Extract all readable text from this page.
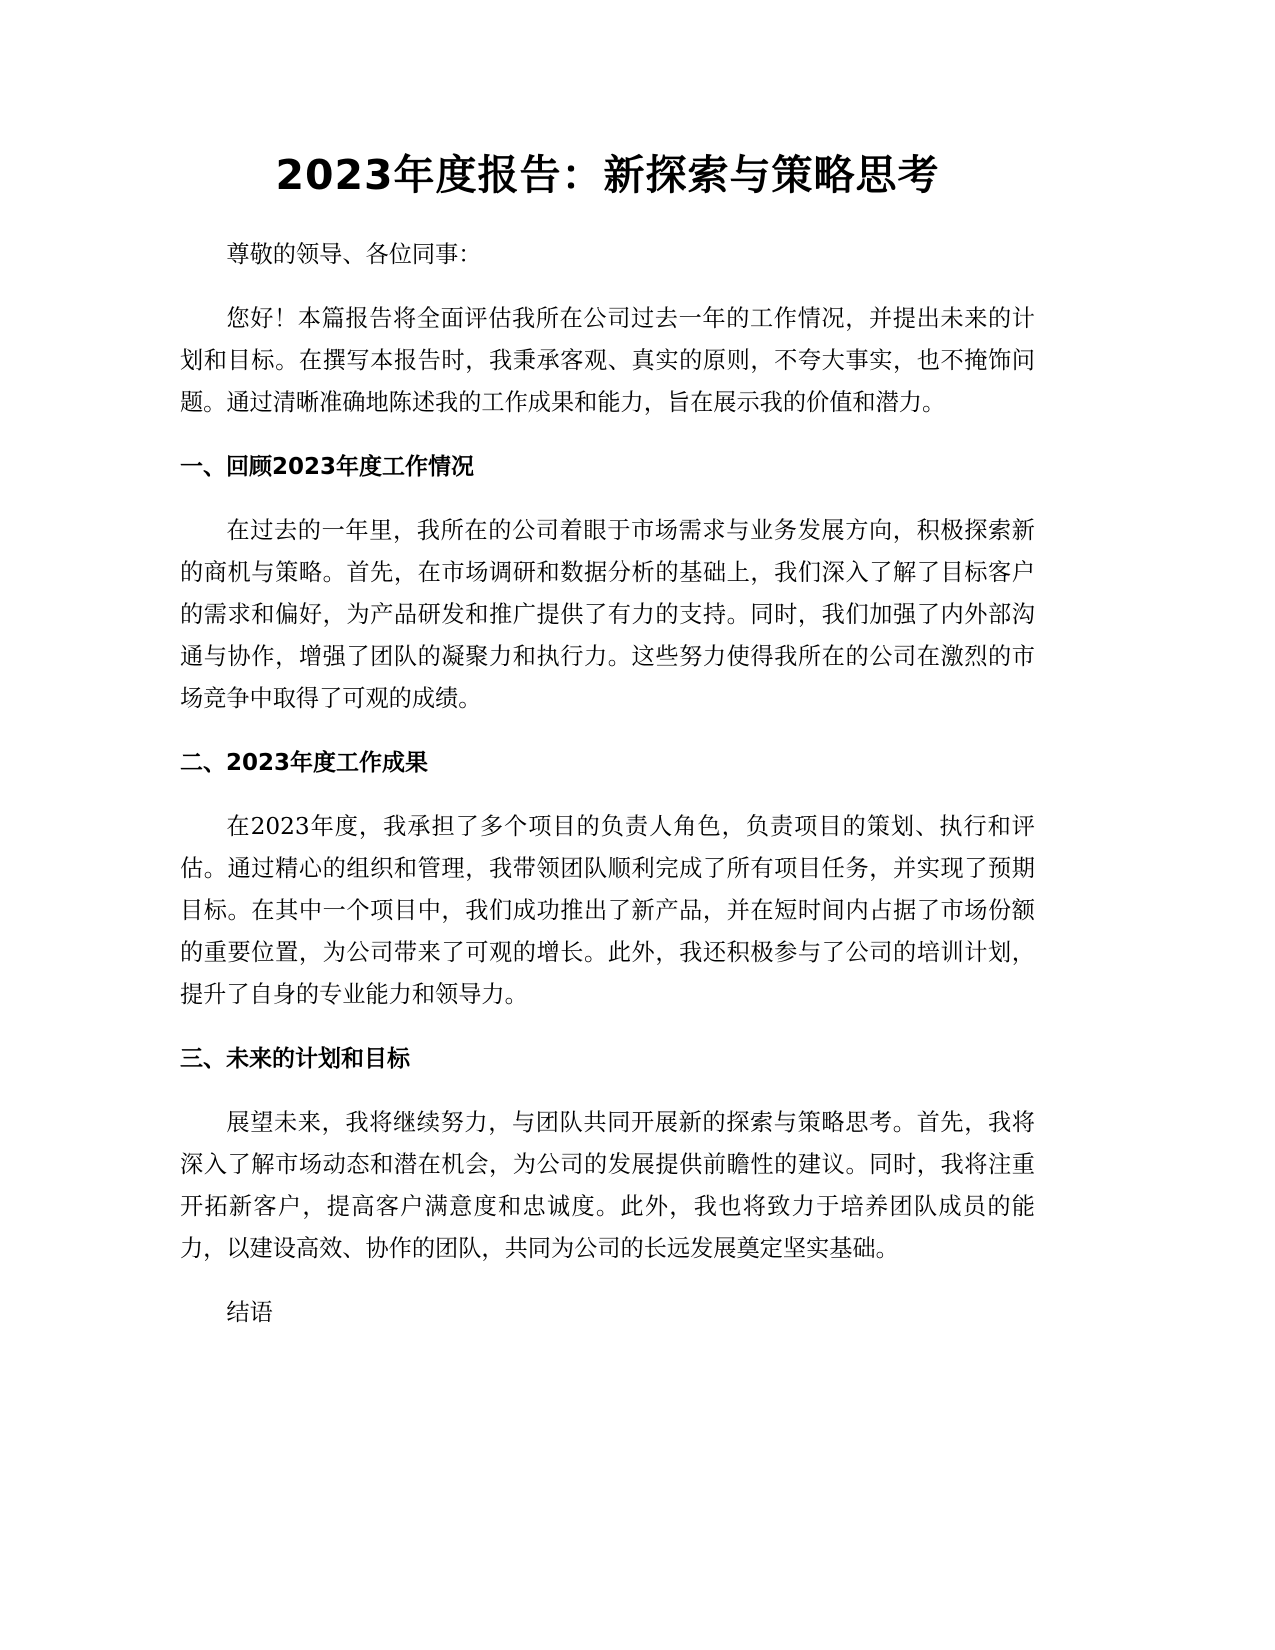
2023年度报告：新探索与策略思考

尊敬的领导、各位同事：

您好！本篇报告将全面评估我所在公司过去一年的工作情况，并提出未来的计划和目标。在撰写本报告时，我秉承客观、真实的原则，不夸大事实，也不掩饰问题。通过清晰准确地陈述我的工作成果和能力，旨在展示我的价值和潜力。

一、回顾2023年度工作情况

在过去的一年里，我所在的公司着眼于市场需求与业务发展方向，积极探索新的商机与策略。首先，在市场调研和数据分析的基础上，我们深入了解了目标客户的需求和偏好，为产品研发和推广提供了有力的支持。同时，我们加强了内外部沟通与协作，增强了团队的凝聚力和执行力。这些努力使得我所在的公司在激烈的市场竞争中取得了可观的成绩。

二、2023年度工作成果

在2023年度，我承担了多个项目的负责人角色，负责项目的策划、执行和评估。通过精心的组织和管理，我带领团队顺利完成了所有项目任务，并实现了预期目标。在其中一个项目中，我们成功推出了新产品，并在短时间内占据了市场份额的重要位置，为公司带来了可观的增长。此外，我还积极参与了公司的培训计划，提升了自身的专业能力和领导力。

三、未来的计划和目标

展望未来，我将继续努力，与团队共同开展新的探索与策略思考。首先，我将深入了解市场动态和潜在机会，为公司的发展提供前瞻性的建议。同时，我将注重开拓新客户，提高客户满意度和忠诚度。此外，我也将致力于培养团队成员的能力，以建设高效、协作的团队，共同为公司的长远发展奠定坚实基础。

结语
